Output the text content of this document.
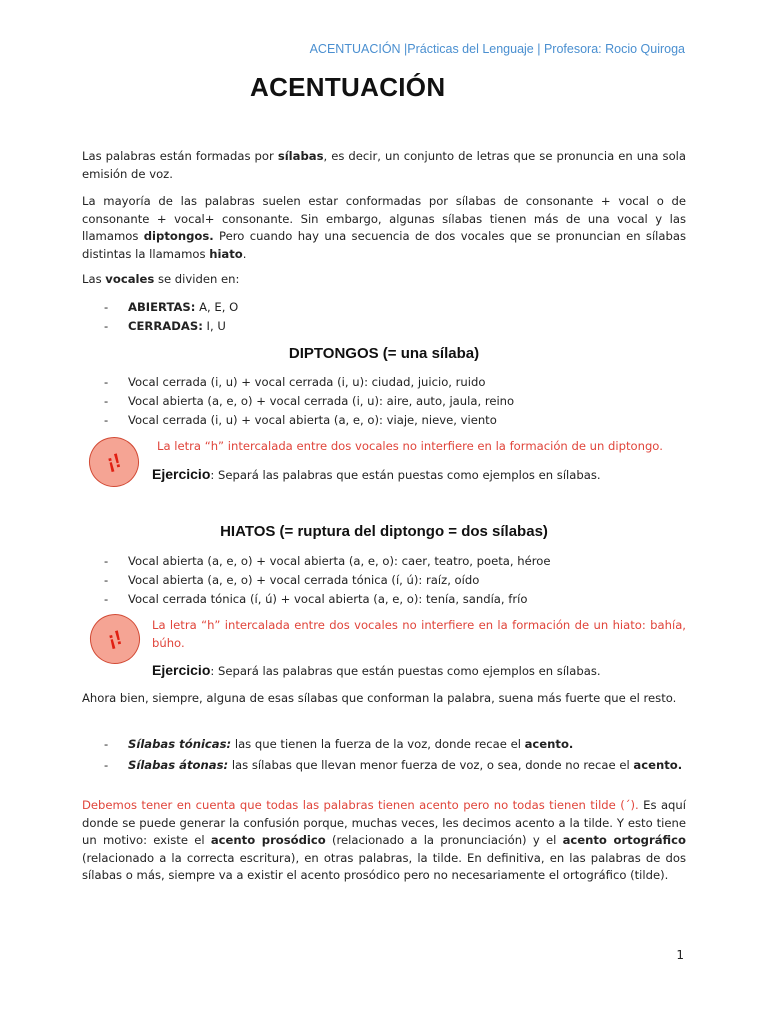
ACENTUACIÓN |Prácticas del Lenguaje | Profesora: Rocio Quiroga
ACENTUACIÓN

Las palabras están formadas por sílabas, es decir, un conjunto de letras que se pronuncia en una sola emisión de voz.

La mayoría de las palabras suelen estar conformadas por sílabas de consonante + vocal o de consonante + vocal+ consonante. Sin embargo, algunas sílabas tienen más de una vocal y las llamamos diptongos. Pero cuando hay una secuencia de dos vocales que se pronuncian en sílabas distintas la llamamos hiato.

Las vocales se dividen en:

- ABIERTAS: A, E, O
- CERRADAS: I, U
DIPTONGOS (= una sílaba)
- Vocal cerrada (i, u) + vocal cerrada (i, u): ciudad, juicio, ruido
- Vocal abierta (a, e, o) + vocal cerrada (i, u): aire, auto, jaula, reino
- Vocal cerrada (i, u) + vocal abierta (a, e, o): viaje, nieve, viento
¡!
La letra “h” intercalada entre dos vocales no interfiere en la formación de un diptongo.
Ejercicio: Separá las palabras que están puestas como ejemplos en sílabas.
HIATOS (= ruptura del diptongo = dos sílabas)
- Vocal abierta (a, e, o) + vocal abierta (a, e, o): caer, teatro, poeta, héroe
- Vocal abierta (a, e, o) + vocal cerrada tónica (í, ú): raíz, oído
- Vocal cerrada tónica (í, ú) + vocal abierta (a, e, o): tenía, sandía, frío
¡!
La letra “h” intercalada entre dos vocales no interfiere en la formación de un hiato: bahía, búho.
Ejercicio: Separá las palabras que están puestas como ejemplos en sílabas.

Ahora bien, siempre, alguna de esas sílabas que conforman la palabra, suena más fuerte que el resto.

- Sílabas tónicas: las que tienen la fuerza de la voz, donde recae el acento.
- Sílabas átonas: las sílabas que llevan menor fuerza de voz, o sea, donde no recae el acento.

Debemos tener en cuenta que todas las palabras tienen acento pero no todas tienen tilde (´). Es aquí donde se puede generar la confusión porque, muchas veces, les decimos acento a la tilde. Y esto tiene un motivo: existe el acento prosódico (relacionado a la pronunciación) y el acento ortográfico (relacionado a la correcta escritura), en otras palabras, la tilde. En definitiva, en las palabras de dos sílabas o más, siempre va a existir el acento prosódico pero no necesariamente el ortográfico (tilde).

1
